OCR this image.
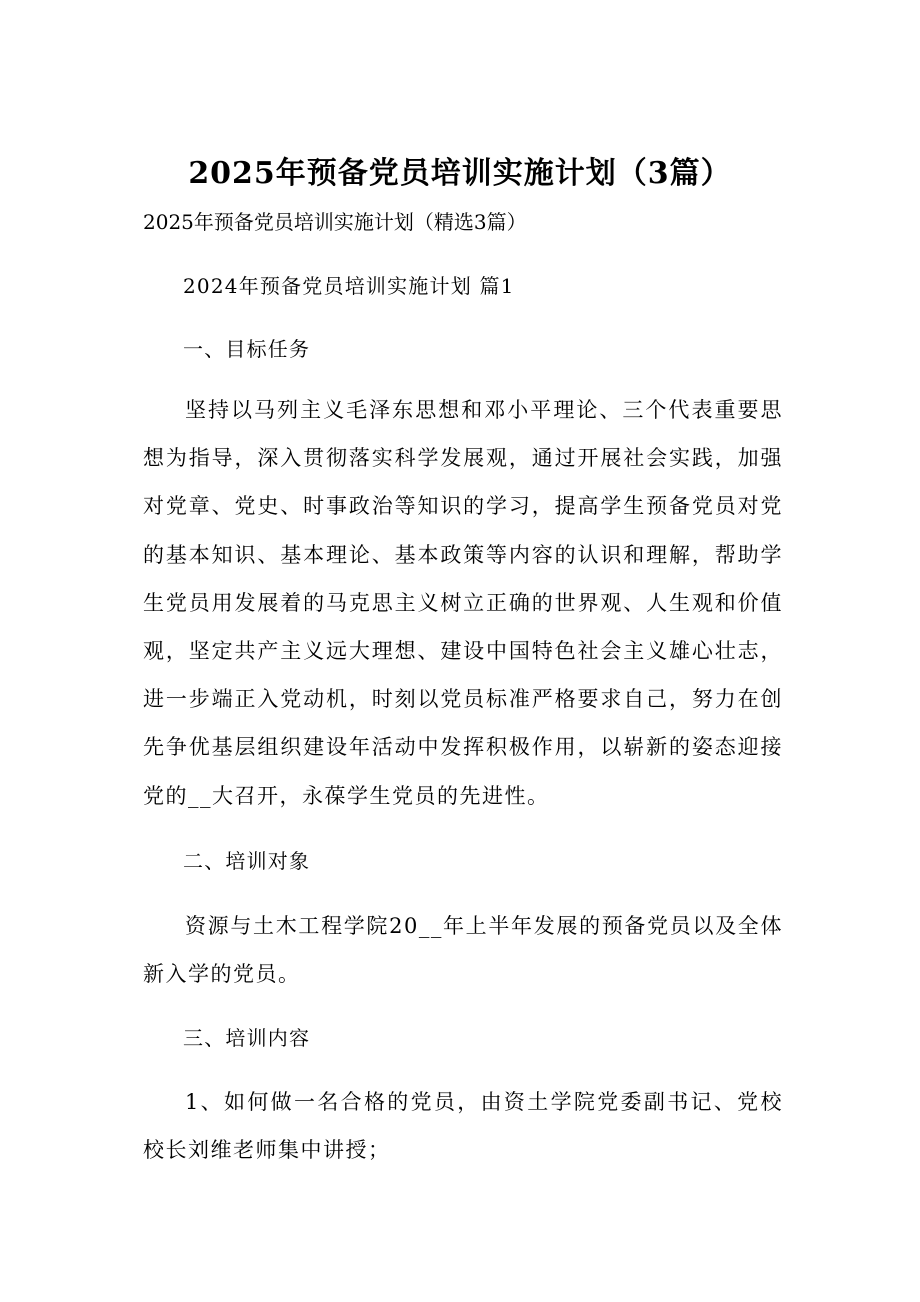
2025年预备党员培训实施计划（3篇）
2025年预备党员培训实施计划（精选3篇）
2024年预备党员培训实施计划 篇1
一、目标任务

坚持以马列主义毛泽东思想和邓小平理论、三个代表重要思想为指导，深入贯彻落实科学发展观，通过开展社会实践，加强对党章、党史、时事政治等知识的学习，提高学生预备党员对党的基本知识、基本理论、基本政策等内容的认识和理解，帮助学生党员用发展着的马克思主义树立正确的世界观、人生观和价值观，坚定共产主义远大理想、建设中国特色社会主义雄心壮志，进一步端正入党动机，时刻以党员标准严格要求自己，努力在创先争优基层组织建设年活动中发挥积极作用，以崭新的姿态迎接党的__大召开，永葆学生党员的先进性。

二、培训对象

资源与土木工程学院20__年上半年发展的预备党员以及全体新入学的党员。

三、培训内容

1、如何做一名合格的党员，由资土学院党委副书记、党校校长刘维老师集中讲授；
